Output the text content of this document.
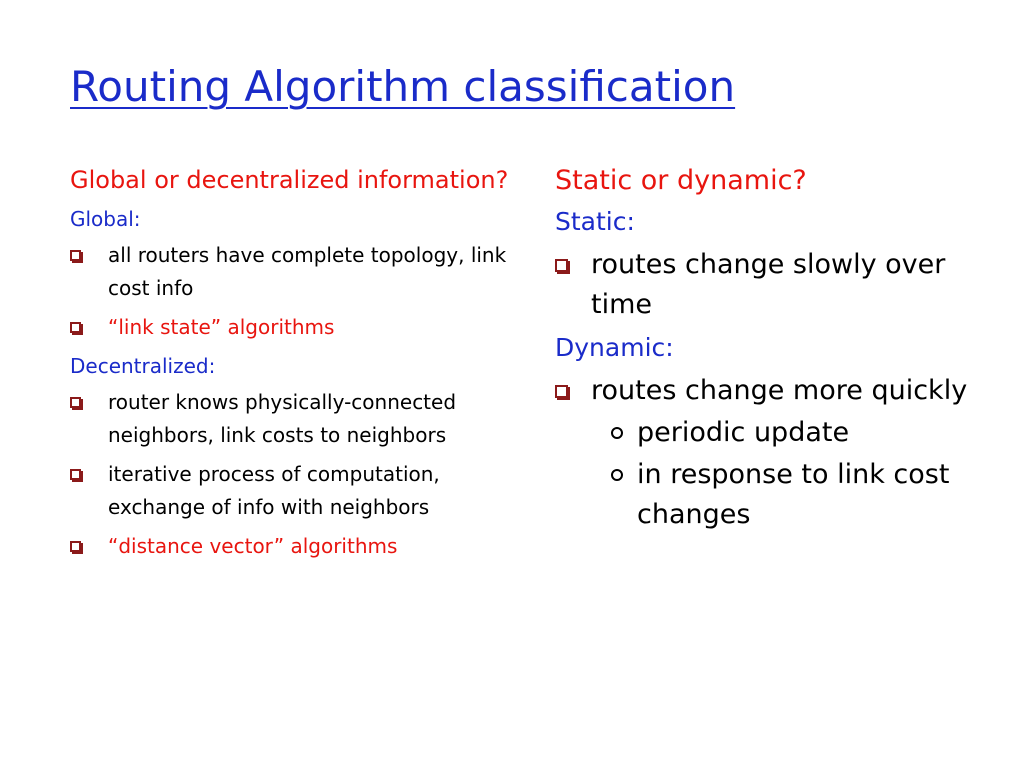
Routing Algorithm classification

Global or decentralized information?

Global:

all routers have complete topology, link cost info
“link state” algorithms

Decentralized:

router knows physically-connected neighbors, link costs to neighbors
iterative process of computation, exchange of info with neighbors
“distance vector” algorithms

Static or dynamic?

Static:

routes change slowly over time

Dynamic:

routes change more quickly
periodic update
in response to link cost changes
